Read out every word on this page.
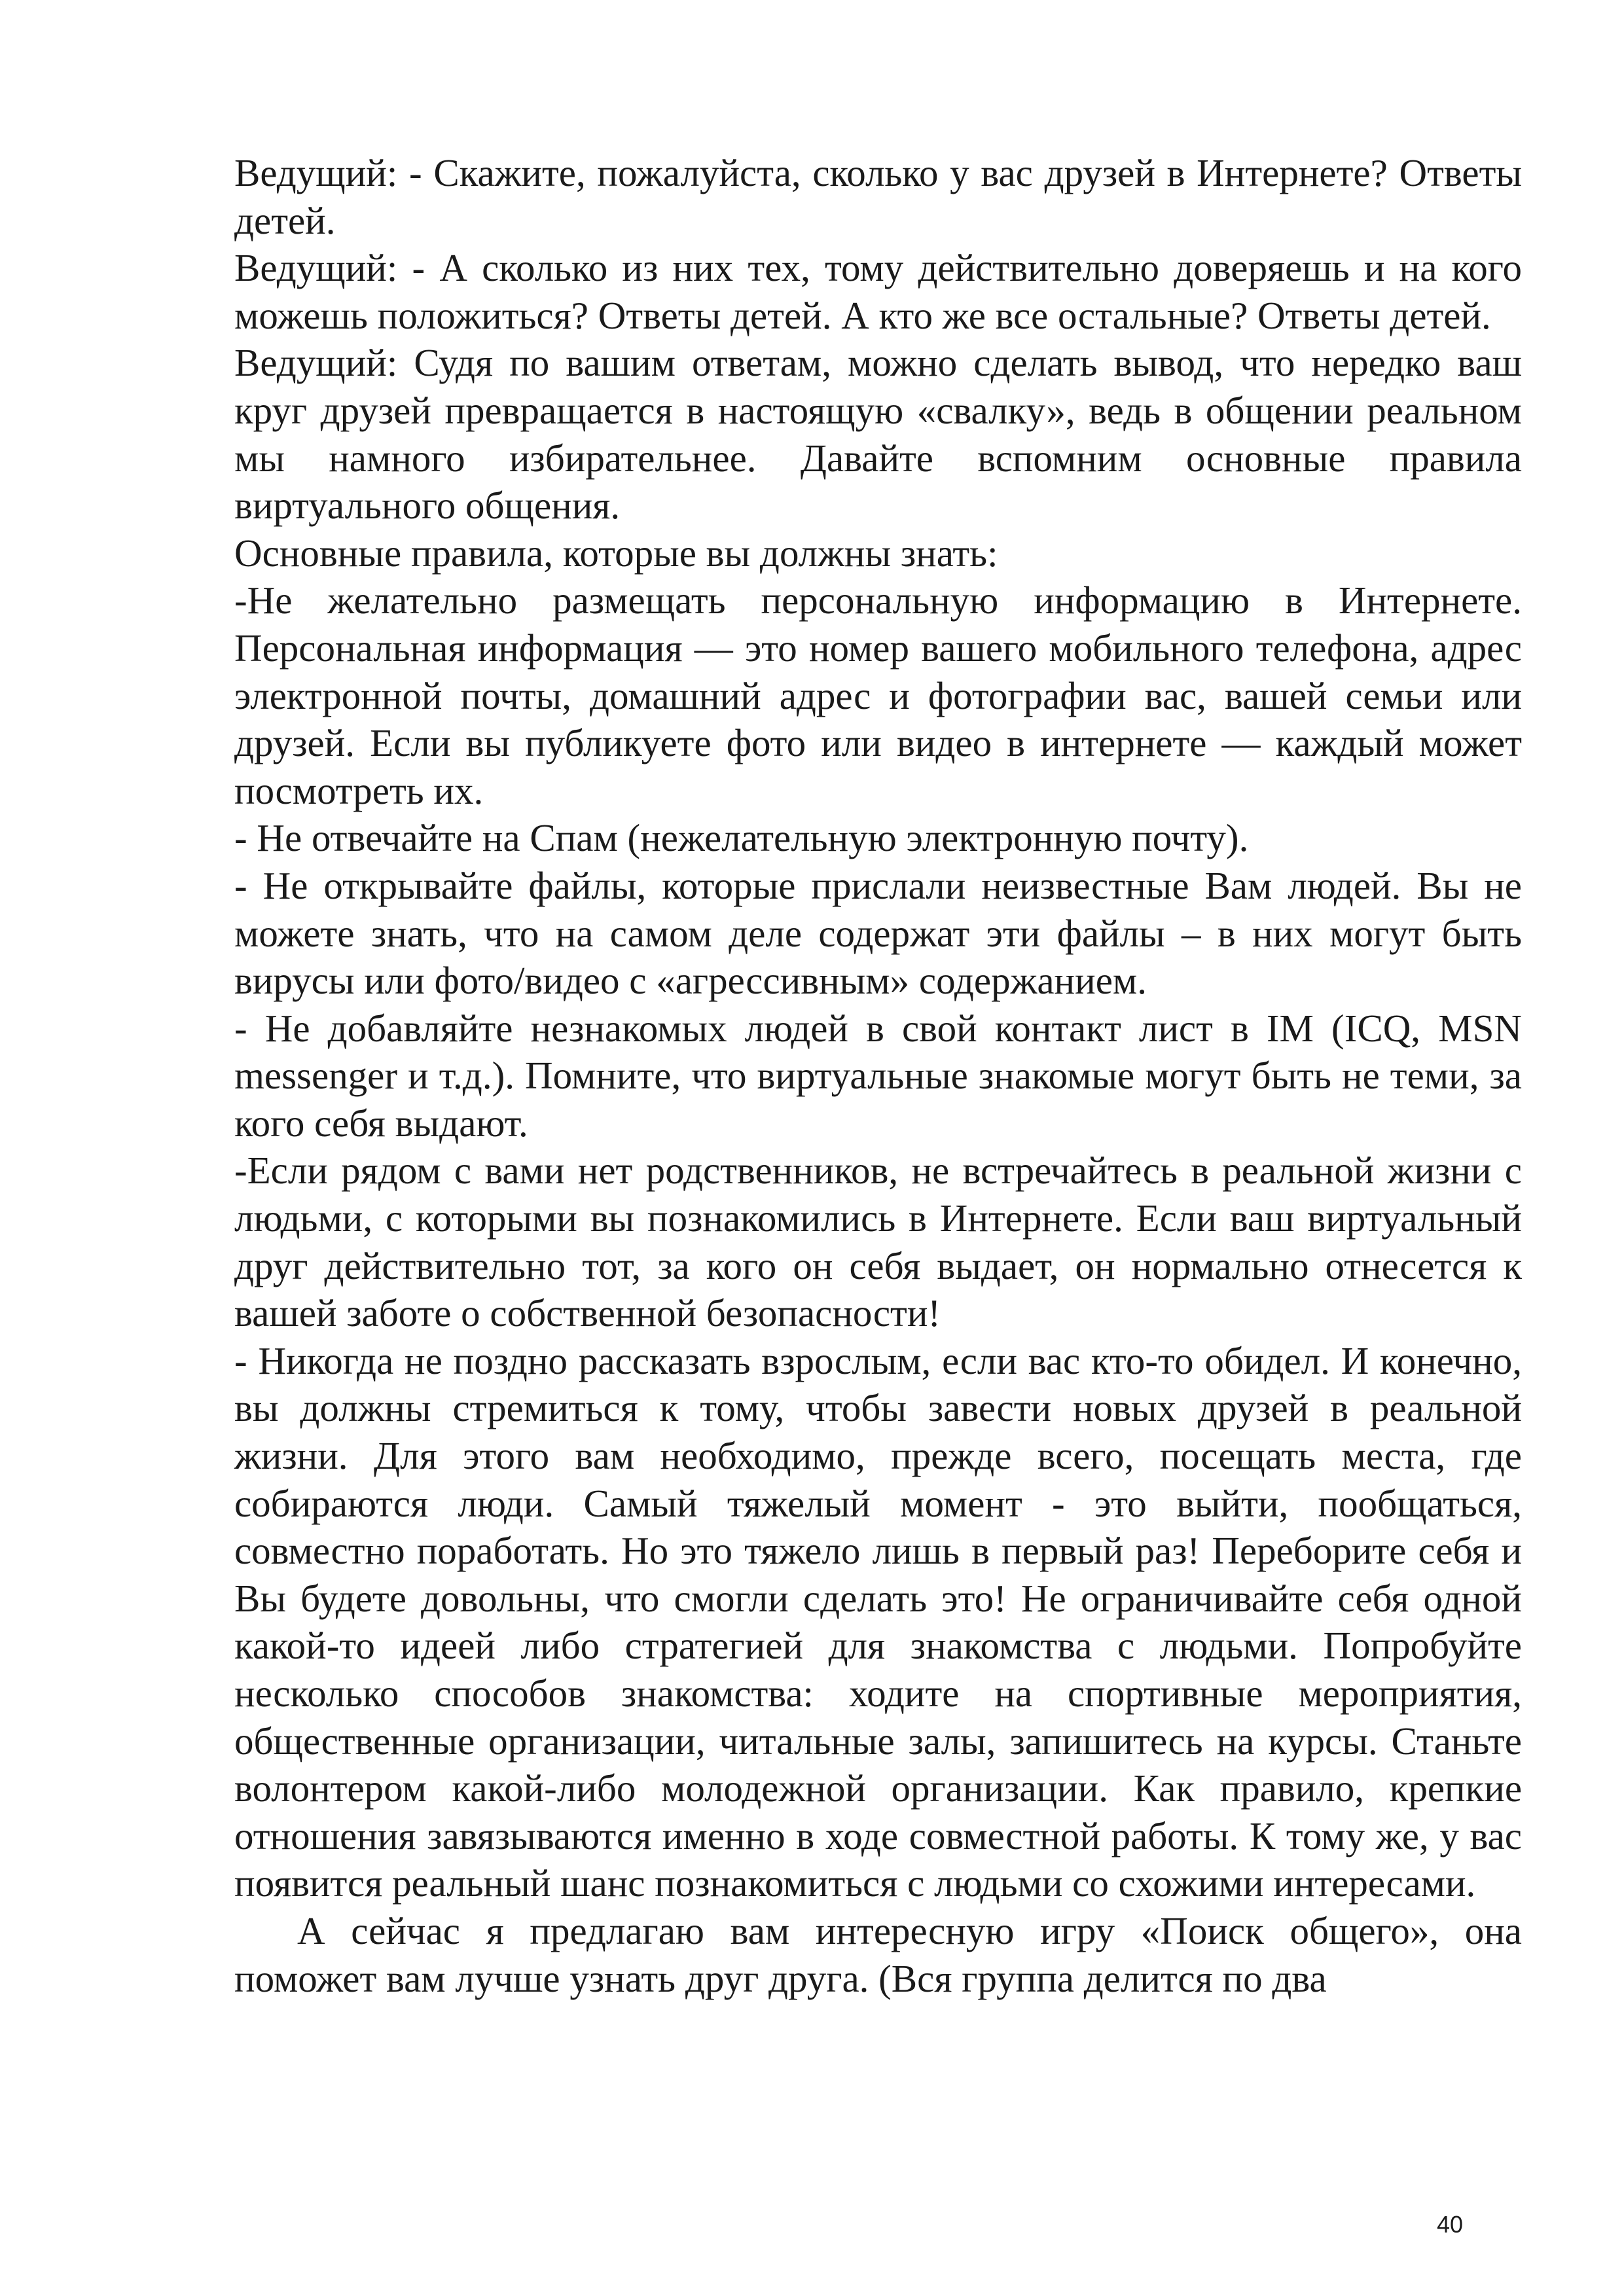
Ведущий: - Скажите, пожалуйста, сколько у вас друзей в Интернете? Ответы детей.

Ведущий: - А сколько из них тех, тому действительно доверяешь и на кого можешь положиться? Ответы детей. А кто же все остальные? Ответы детей.

Ведущий: Судя по вашим ответам, можно сделать вывод, что нередко ваш круг друзей превращается в настоящую «свалку», ведь в общении реальном мы намного избирательнее. Давайте вспомним основные правила виртуального общения.

Основные правила, которые вы должны знать:

-Не желательно размещать персональную информацию в Интернете. Персональная информация — это номер вашего мобильного телефона, адрес электронной почты, домашний адрес и фотографии вас, вашей семьи или друзей. Если вы публикуете фото или видео в интернете — каждый может посмотреть их.

- Не отвечайте на Спам (нежелательную электронную почту).

- Не открывайте файлы, которые прислали неизвестные Вам людей. Вы не можете знать, что на самом деле содержат эти файлы – в них могут быть вирусы или фото/видео с «агрессивным» содержанием.

- Не добавляйте незнакомых людей в свой контакт лист в IM (ICQ, MSN messenger и т.д.). Помните, что виртуальные знакомые могут быть не теми, за кого себя выдают.

-Если рядом с вами нет родственников, не встречайтесь в реальной жизни с людьми, с которыми вы познакомились в Интернете. Если ваш виртуальный друг действительно тот, за кого он себя выдает, он нормально отнесется к вашей заботе о собственной безопасности!

- Никогда не поздно рассказать взрослым, если вас кто-то обидел. И конечно, вы должны стремиться к тому, чтобы завести новых друзей в реальной жизни. Для этого вам необходимо, прежде всего, посещать места, где собираются люди. Самый тяжелый момент - это выйти, пообщаться, совместно поработать. Но это тяжело лишь в первый раз! Переборите себя и Вы будете довольны, что смогли сделать это! Не ограничивайте себя одной какой-то идеей либо стратегией для знакомства с людьми. Попробуйте несколько способов знакомства: ходите на спортивные мероприятия, общественные организации, читальные залы, запишитесь на курсы. Станьте волонтером какой-либо молодежной организации. Как правило, крепкие отношения завязываются именно в ходе совместной работы. К тому же, у вас появится реальный шанс познакомиться с людьми со схожими интересами.

А сейчас я предлагаю вам интересную игру «Поиск общего», она поможет вам лучше узнать друг друга. (Вся группа делится по два

40
